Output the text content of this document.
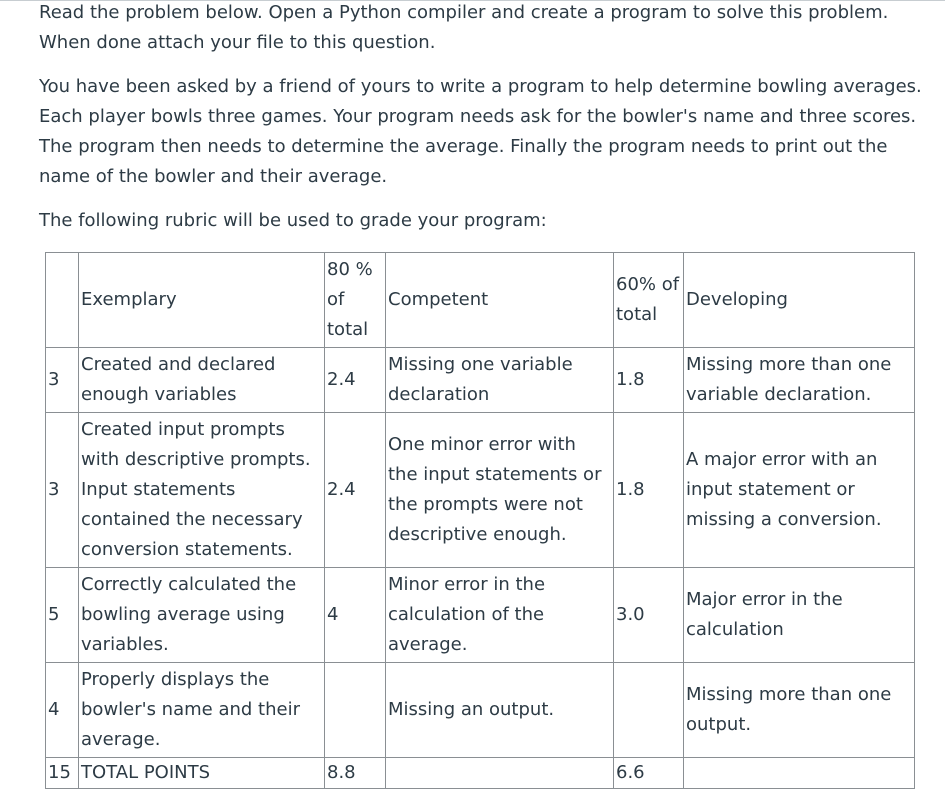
Read the problem below. Open a Python compiler and create a program to solve this problem. When done attach your file to this question.

You have been asked by a friend of yours to write a program to help determine bowling averages. Each player bowls three games. Your program needs ask for the bowler's name and three scores. The program then needs to determine the average. Finally the program needs to print out the name of the bowler and their average.

The following rubric will be used to grade your program:

	Exemplary	80 % of total	Competent	60% of total	Developing
3	Created and declared enough variables	2.4	Missing one variable declaration	1.8	Missing more than one variable declaration.
3	Created input prompts with descriptive prompts. Input statements contained the necessary conversion statements.	2.4	One minor error with the input statements or the prompts were not descriptive enough.	1.8	A major error with an input statement or missing a conversion.
5	Correctly calculated the bowling average using variables.	4	Minor error in the calculation of the average.	3.0	Major error in the calculation
4	Properly displays the bowler's name and their average.		Missing an output.		Missing more than one output.
15	TOTAL POINTS	8.8		6.6	
